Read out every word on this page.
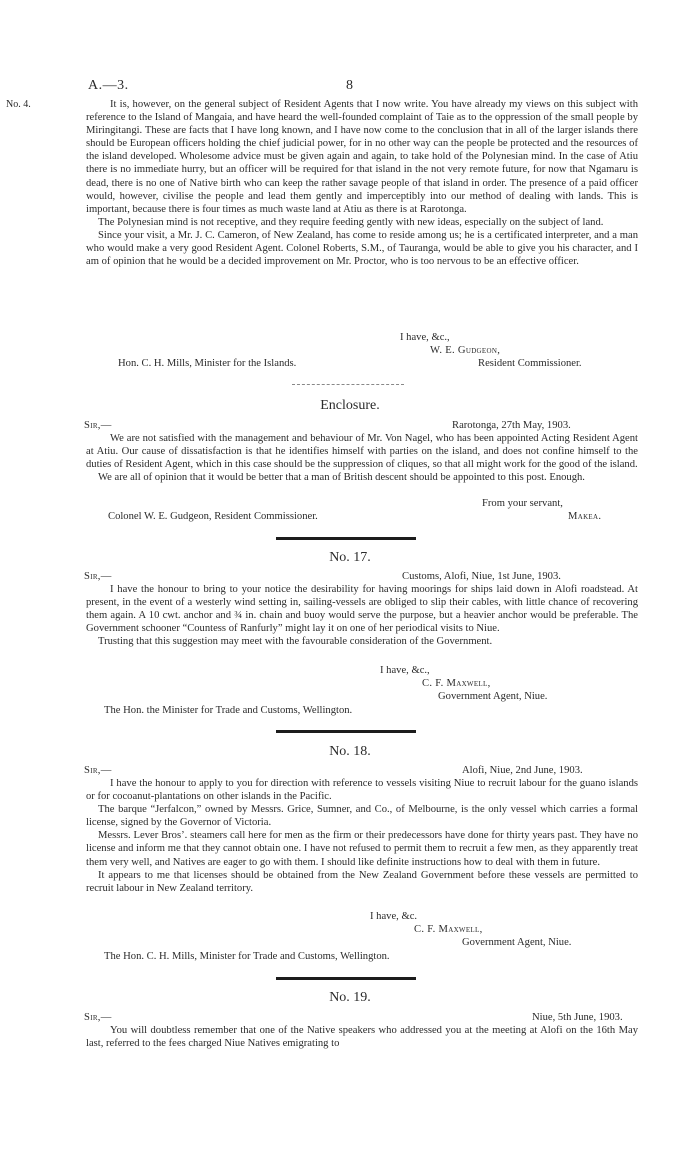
A.—3.	8
No. 4.	It is, however, on the general subject of Resident Agents that I now write. You have already my views on this subject with reference to the Island of Mangaia, and have heard the well-founded complaint of Taie as to the oppression of the small people by Miringitangi. These are facts that I have long known, and I have now come to the conclusion that in all of the larger islands there should be European officers holding the chief judicial power, for in no other way can the people be protected and the resources of the island developed. Wholesome advice must be given again and again, to take hold of the Polynesian mind. In the case of Atiu there is no immediate hurry, but an officer will be required for that island in the not very remote future, for now that Ngamaru is dead, there is no one of Native birth who can keep the rather savage people of that island in order. The presence of a paid officer would, however, civilise the people and lead them gently and imperceptibly into our method of dealing with lands. This is important, because there is four times as much waste land at Atiu as there is at Rarotonga.

The Polynesian mind is not receptive, and they require feeding gently with new ideas, especially on the subject of land.

Since your visit, a Mr. J. C. Cameron, of New Zealand, has come to reside among us; he is a certificated interpreter, and a man who would make a very good Resident Agent. Colonel Roberts, S.M., of Tauranga, would be able to give you his character, and I am of opinion that he would be a decided improvement on Mr. Proctor, who is too nervous to be an effective officer.

I have, &c.,
W. E. Gudgeon,
Hon. C. H. Mills, Minister for the Islands.	Resident Commissioner.
Enclosure.
Sir,—	Rarotonga, 27th May, 1903.

We are not satisfied with the management and behaviour of Mr. Von Nagel, who has been appointed Acting Resident Agent at Atiu. Our cause of dissatisfaction is that he identifies himself with parties on the island, and does not confine himself to the duties of Resident Agent, which in this case should be the suppression of cliques, so that all might work for the good of the island.

We are all of opinion that it would be better that a man of British descent should be appointed to this post. Enough.

From your servant,
Colonel W. E. Gudgeon, Resident Commissioner.	Makea.
No. 17.
Sir,—	Customs, Alofi, Niue, 1st June, 1903.

I have the honour to bring to your notice the desirability for having moorings for ships laid down in Alofi roadstead. At present, in the event of a westerly wind setting in, sailing-vessels are obliged to slip their cables, with little chance of recovering them again. A 10 cwt. anchor and ¾ in. chain and buoy would serve the purpose, but a heavier anchor would be preferable. The Government schooner “Countess of Ranfurly” might lay it on one of her periodical visits to Niue.

Trusting that this suggestion may meet with the favourable consideration of the Government.

I have, &c.,
C. F. Maxwell,
Government Agent, Niue.
The Hon. the Minister for Trade and Customs, Wellington.
No. 18.
Sir,—	Alofi, Niue, 2nd June, 1903.

I have the honour to apply to you for direction with reference to vessels visiting Niue to recruit labour for the guano islands or for cocoanut-plantations on other islands in the Pacific.

The barque “Jerfalcon,” owned by Messrs. Grice, Sumner, and Co., of Melbourne, is the only vessel which carries a formal license, signed by the Governor of Victoria.

Messrs. Lever Bros’. steamers call here for men as the firm or their predecessors have done for thirty years past. They have no license and inform me that they cannot obtain one. I have not refused to permit them to recruit a few men, as they apparently treat them very well, and Natives are eager to go with them. I should like definite instructions how to deal with them in future.

It appears to me that licenses should be obtained from the New Zealand Government before these vessels are permitted to recruit labour in New Zealand territory.

I have, &c.
C. F. Maxwell,
Government Agent, Niue.
The Hon. C. H. Mills, Minister for Trade and Customs, Wellington.
No. 19.
Sir,—	Niue, 5th June, 1903.

You will doubtless remember that one of the Native speakers who addressed you at the meeting at Alofi on the 16th May last, referred to the fees charged Niue Natives emigrating to
